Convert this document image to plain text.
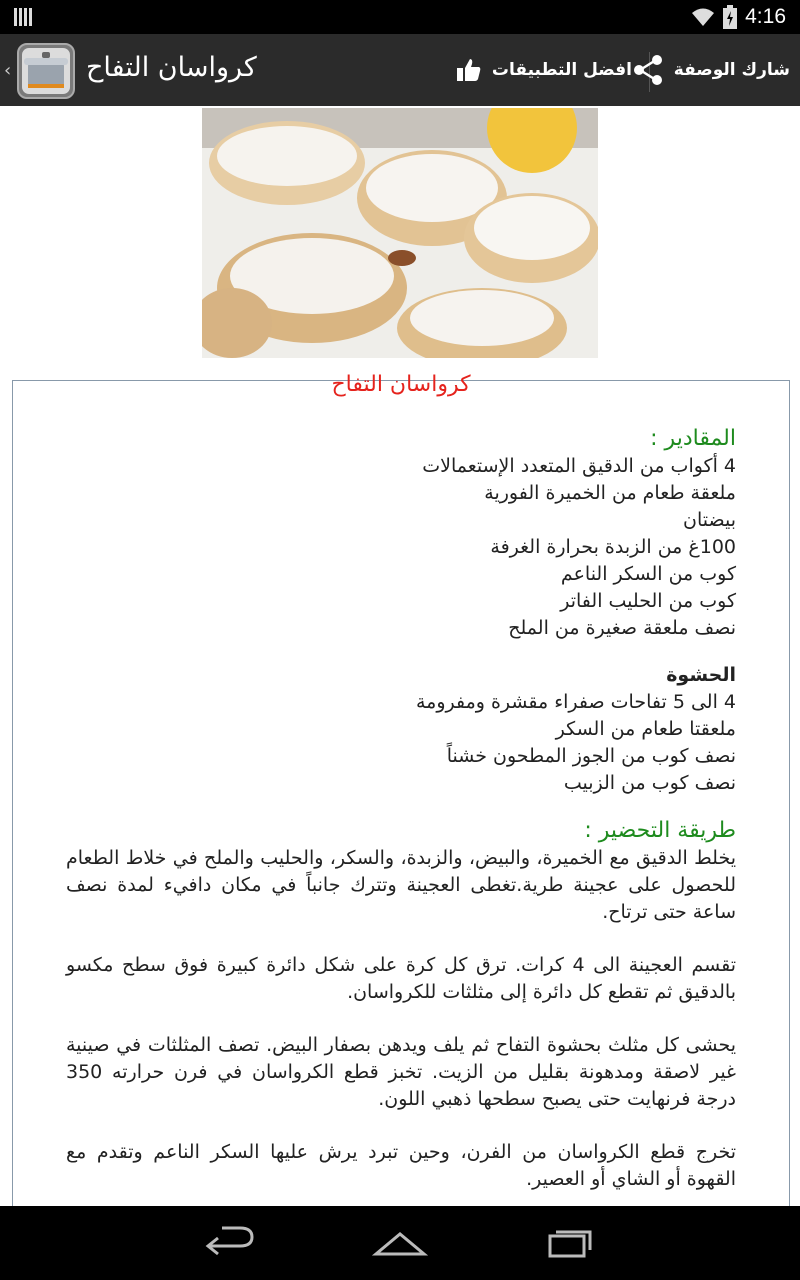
4:16
‹	كرواسان التفاح	افضل التطبيقات شارك الوصفة

كرواسان التفاح

المقادير :

4 أكواب من الدقيق المتعدد الإستعمالات

ملعقة طعام من الخميرة الفورية

بيضتان

100غ من الزبدة بحرارة الغرفة

كوب من السكر الناعم

كوب من الحليب الفاتر

نصف ملعقة صغيرة من الملح

الحشوة

4 الى 5 تفاحات صفراء مقشرة ومفرومة

ملعقتا طعام من السكر

نصف كوب من الجوز المطحون خشناً

نصف كوب من الزبيب

طريقة التحضير :

يخلط الدقيق مع الخميرة، والبيض، والزبدة، والسكر، والحليب والملح في خلاط الطعام للحصول على عجينة طرية.تغطى العجينة وتترك جانباً في مكان دافيء لمدة نصف ساعة حتى ترتاح.

تقسم العجينة الى 4 كرات. ترق كل كرة على شكل دائرة كبيرة فوق سطح مكسو بالدقيق ثم تقطع كل دائرة إلى مثلثات للكرواسان.

يحشى كل مثلث بحشوة التفاح ثم يلف ويدهن بصفار البيض. تصف المثلثات في صينية غير لاصقة ومدهونة بقليل من الزيت. تخبز قطع الكرواسان في فرن حرارته 350 درجة فرنهايت حتى يصبح سطحها ذهبي اللون.

تخرج قطع الكرواسان من الفرن، وحين تبرد يرش عليها السكر الناعم وتقدم مع القهوة أو الشاي أو العصير.
